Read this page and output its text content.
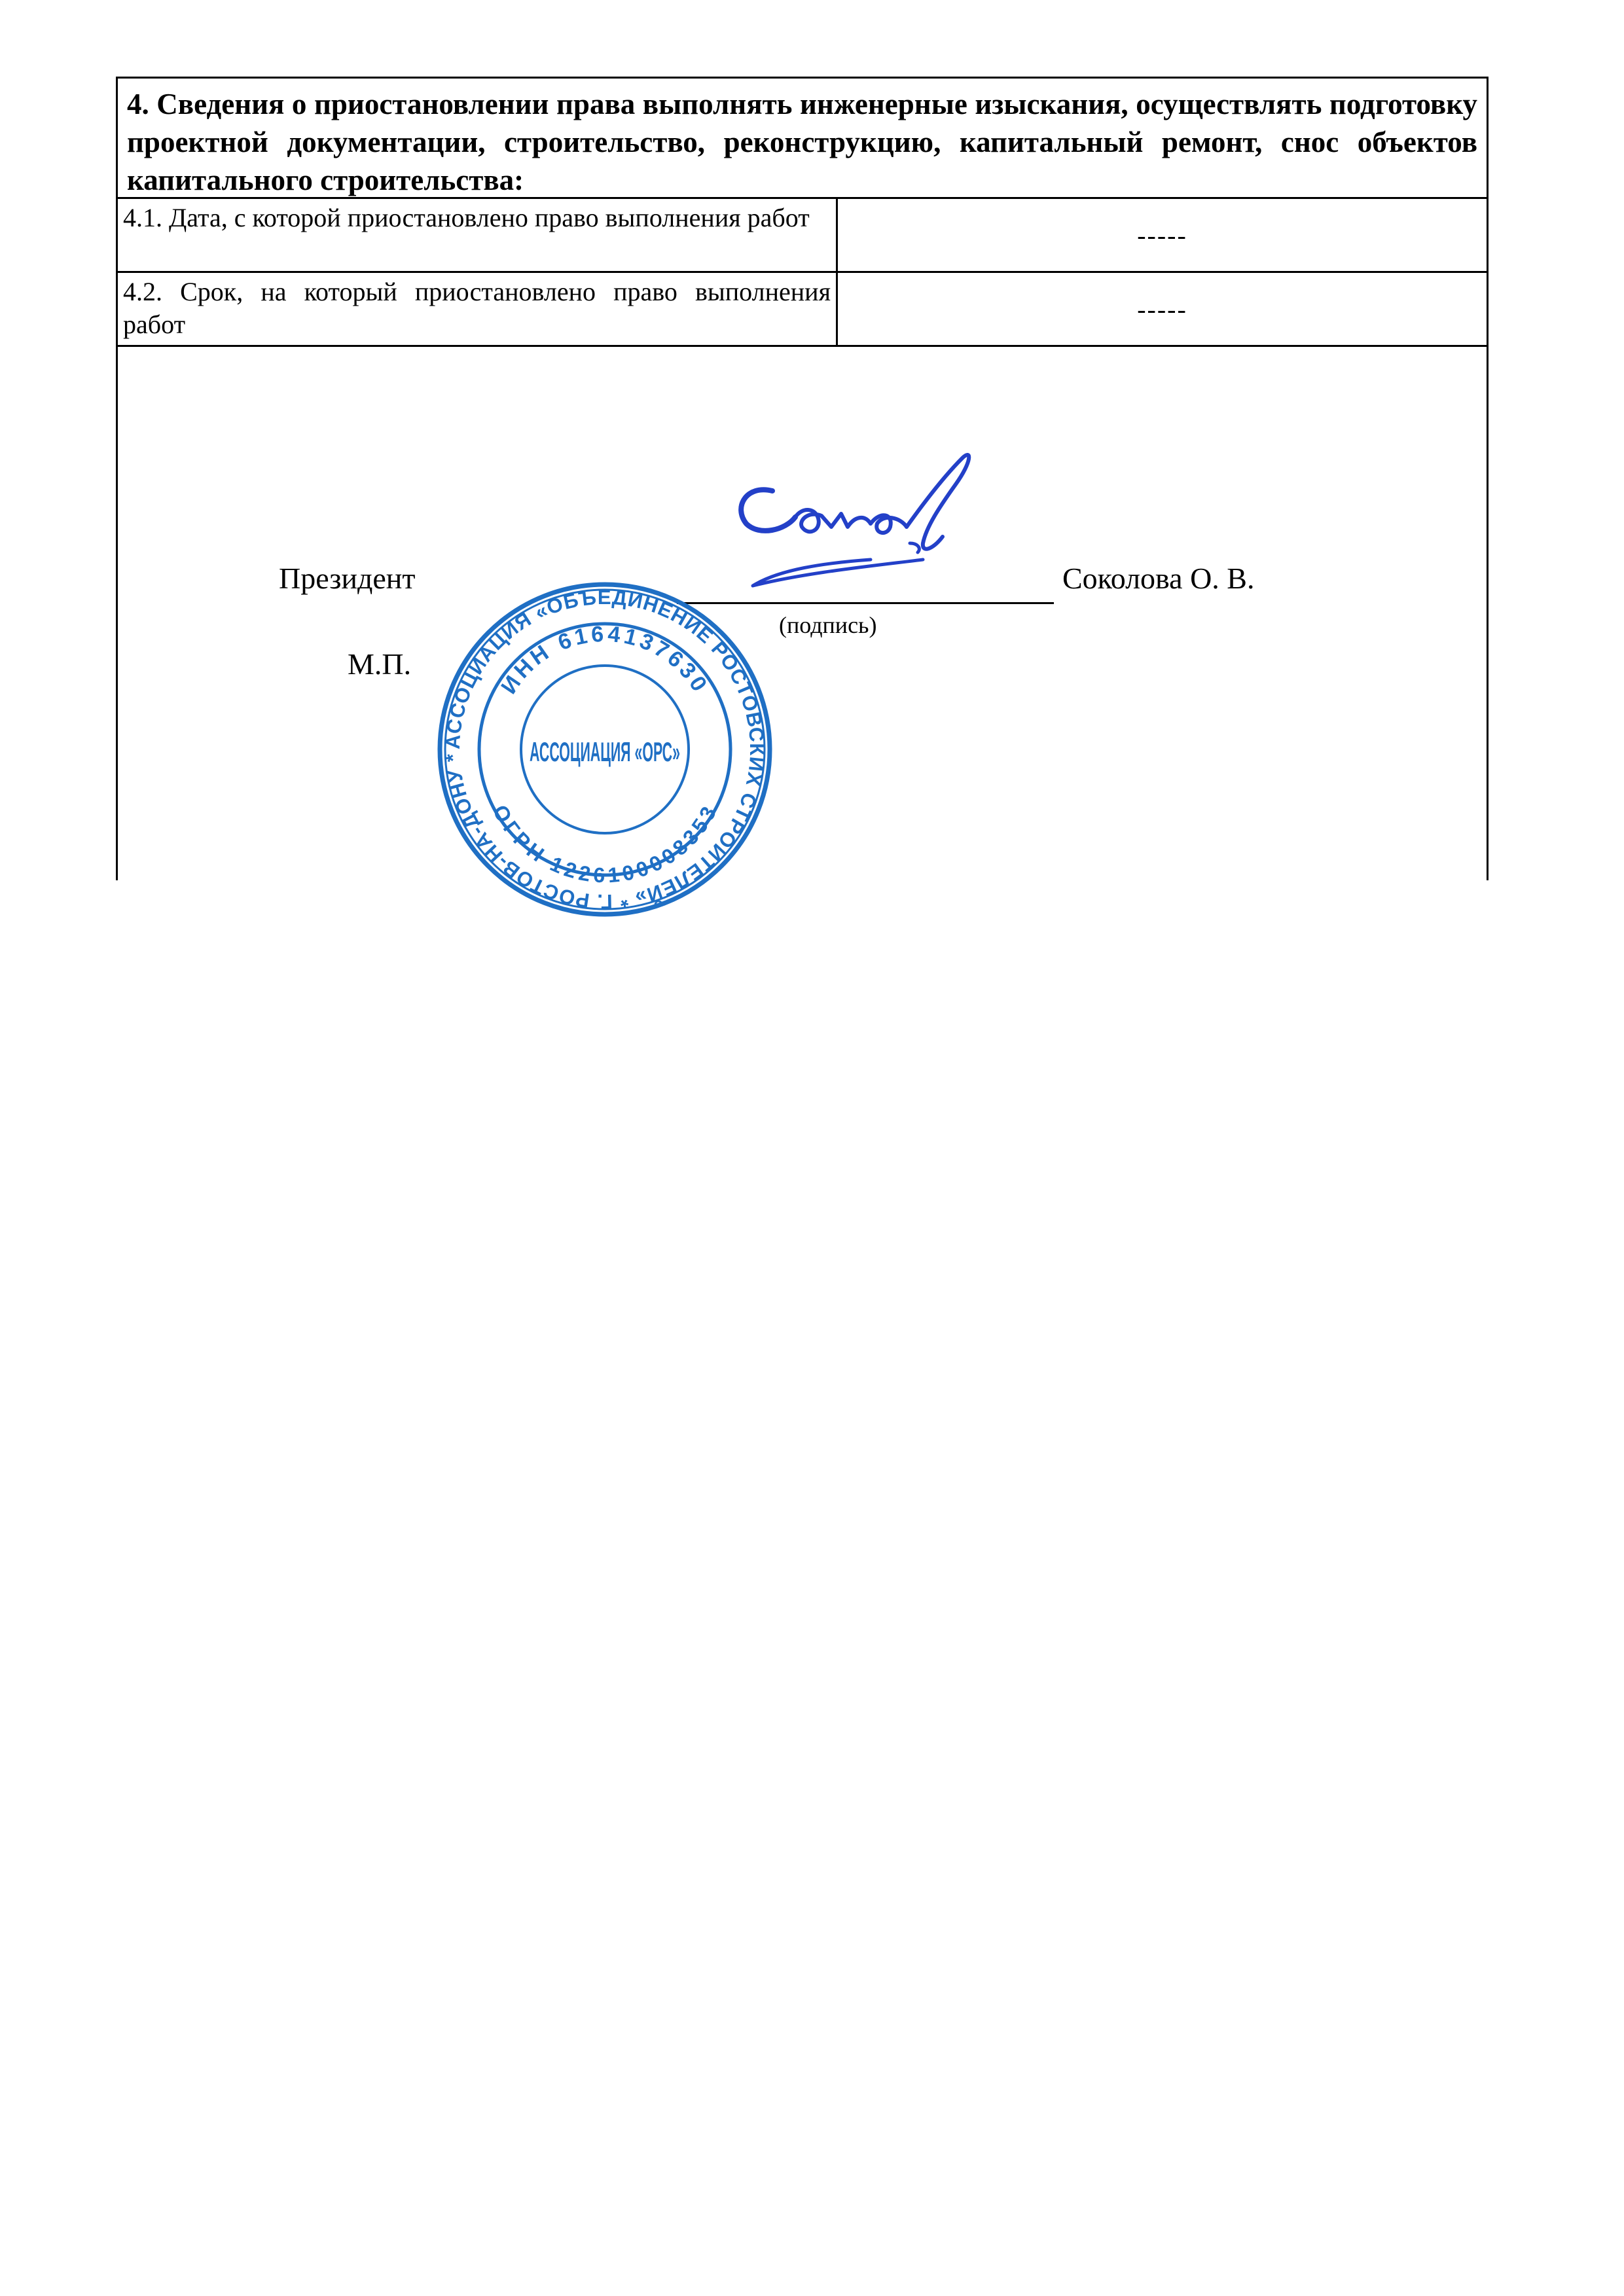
4. Сведения о приостановлении права выполнять инженерные изыскания, осуществлять подготовку проектной документации, строительство, реконструкцию, капитальный ремонт, снос объектов капитального строительства:

4.1. Дата, с которой приостановлено право выполнения работ
-----
4.2. Срок, на который приостановлено право выполнения работ
-----
Президент
(подпись)
Соколова О. В.
М.П.
АССОЦИАЦИЯ «ОБЪЕДИНЕНИЕ РОСТОВСКИХ СТРОИТЕЛЕЙ» * Г. РОСТОВ-НА-ДОНУ *
ИНН 6164137630
ОГРН 1226100008353
АССОЦИАЦИЯ «ОРС»
